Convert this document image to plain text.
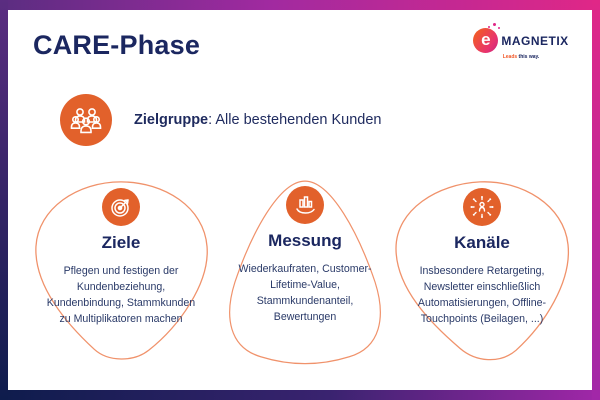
CARE-Phase	e MAGNETIX
Leads this way.
Zielgruppe: Alle bestehenden Kunden
Ziele
Pflegen und festigen der Kundenbeziehung, Kundenbindung, Stammkunden zu Multiplikatoren machen
Messung
Wiederkaufraten, Customer-Lifetime-Value, Stammkundenanteil, Bewertungen
Kanäle
Insbesondere Retargeting, Newsletter einschließlich Automatisierungen, Offline-Touchpoints (Beilagen, ...)
